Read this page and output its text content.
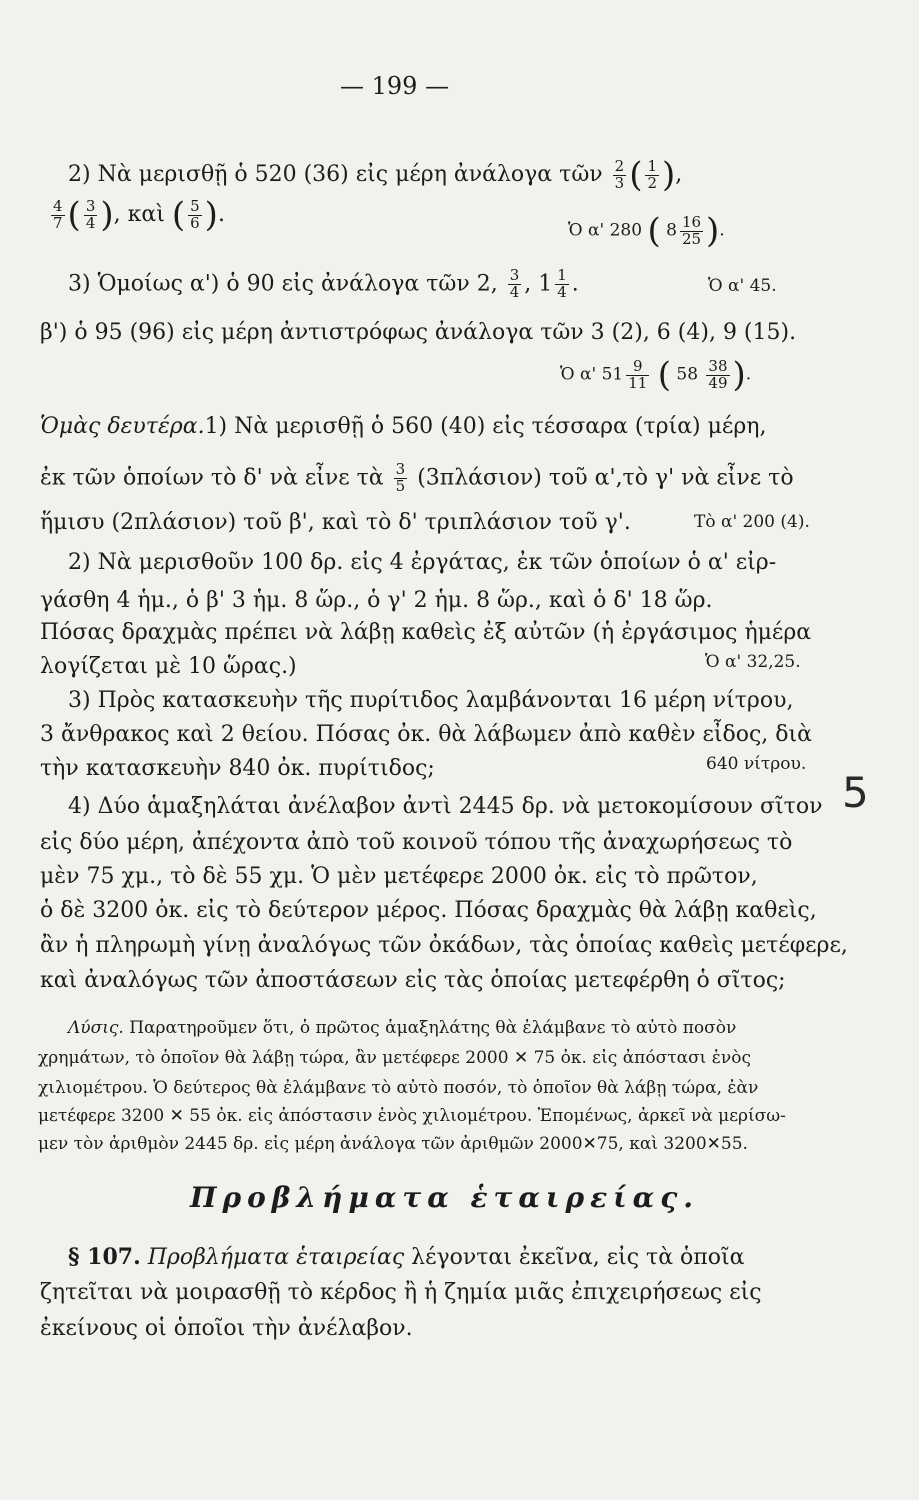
— 199 —
2) Νὰ μερισθῇ ὁ 520 (36) εἰς μέρη ἀνάλογα τῶν $\frac{2}{3}$ ( $\frac{1}{2}$ ),
$\frac{4}{7}$ ( $\frac{3}{4}$ ), καὶ ( $\frac{5}{6}$ ).
Ὁ α' 280 ( $8 \frac{16}{25}$ ).
3) Ὁμοίως α') ὁ 90 εἰς ἀνάλογα τῶν 2, $\frac{3}{4}$ , $1 \frac{1}{4}$ .	Ὁ α' 45.
β') ὁ 95 (96) εἰς μέρη ἀντιστρόφως ἀνάλογα τῶν 3 (2), 6 (4), 9 (15).
Ὁ α' $51 \frac{9}{11}$ ( $58 \frac{38}{49}$ ).
Ὁμὰς δευτέρα.1) Νὰ μερισθῇ ὁ 560 (40) εἰς τέσσαρα (τρία) μέρη,
ἐκ τῶν ὁποίων τὸ δ' νὰ εἶνε τὰ $\frac{3}{5} (3\pi\lambda ά\sigma\iota o\nu)$ τοῦ α',τὸ γ' νὰ εἶνε τὸ
ἥμισυ (2πλάσιον) τοῦ β', καὶ τὸ δ' τριπλάσιον τοῦ γ'.	Τὸ α' 200 (4).
2) Νὰ μερισθοῦν 100 δρ. εἰς 4 ἐργάτας, ἐκ τῶν ὁποίων ὁ α' εἰρ-
γάσθη 4 ἡμ., ὁ β' 3 ἡμ. 8 ὥρ., ὁ γ' 2 ἡμ. 8 ὥρ., καὶ ὁ δ' 18 ὥρ.
Πόσας δραχμὰς πρέπει νὰ λάβῃ καθεὶς ἐξ αὐτῶν (ἡ ἐργάσιμος ἡμέρα
λογίζεται μὲ 10 ὥρας.)	Ὁ α' 32,25.
3) Πρὸς κατασκευὴν τῆς πυρίτιδος λαμβάνονται 16 μέρη νίτρου,
3 ἄνθρακος καὶ 2 θείου. Πόσας ὀκ. θὰ λάβωμεν ἀπὸ καθὲν εἶδος, διὰ
τὴν κατασκευὴν 840 ὀκ. πυρίτιδος;	640 νίτρου.
4) Δύο ἁμαξηλάται ἀνέλαβον ἀντὶ 2445 δρ. νὰ μετοκομίσουν σῖτον
εἰς δύο μέρη, ἀπέχοντα ἀπὸ τοῦ κοινοῦ τόπου τῆς ἀναχωρήσεως τὸ
μὲν 75 χμ., τὸ δὲ 55 χμ. Ὁ μὲν μετέφερε 2000 ὀκ. εἰς τὸ πρῶτον,
ὁ δὲ 3200 ὀκ. εἰς τὸ δεύτερον μέρος. Πόσας δραχμὰς θὰ λάβῃ καθεὶς,
ἂν ἡ πληρωμὴ γίνῃ ἀναλόγως τῶν ὀκάδων, τὰς ὁποίας καθεὶς μετέφερε,
καὶ ἀναλόγως τῶν ἀποστάσεων εἰς τὰς ὁποίας μετεφέρθη ὁ σῖτος;
5
Λύσις. Παρατηροῦμεν ὅτι, ὁ πρῶτος ἁμαξηλάτης θὰ ἐλάμβανε τὸ αὐτὸ ποσὸν
χρημάτων, τὸ ὁποῖον θὰ λάβῃ τώρα, ἂν μετέφερε 2000 ✕ 75 ὀκ. εἰς ἀπόστασι ἑνὸς
χιλιομέτρου. Ὁ δεύτερος θὰ ἐλάμβανε τὸ αὐτὸ ποσόν, τὸ ὁποῖον θὰ λάβῃ τώρα, ἐὰν
μετέφερε 3200 ✕ 55 ὀκ. εἰς ἀπόστασιν ἑνὸς χιλιομέτρου. Ἐπομένως, ἀρκεῖ νὰ μερίσω-
μεν τὸν ἀριθμὸν 2445 δρ. εἰς μέρη ἀνάλογα τῶν ἀριθμῶν 2000✕75, καὶ 3200✕55.
Προβλήματα ἑταιρείας.
§ 107. Προβλήματα ἑταιρείας λέγονται ἐκεῖνα, εἰς τὰ ὁποῖα
ζητεῖται νὰ μοιρασθῇ τὸ κέρδος ἢ ἡ ζημία μιᾶς ἐπιχειρήσεως εἰς
ἐκείνους οἱ ὁποῖοι τὴν ἀνέλαβον.
